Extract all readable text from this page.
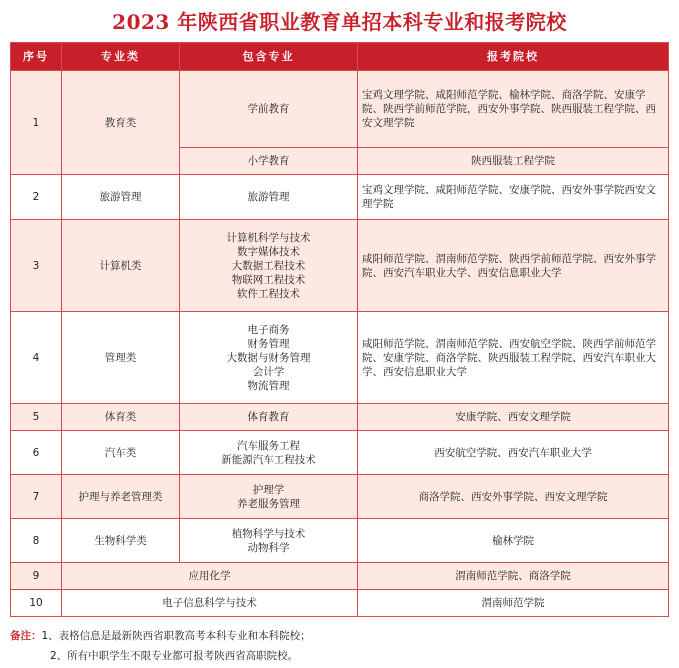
2023 年陕西省职业教育单招本科专业和报考院校
序号	专业类	包含专业	报考院校
1	教育类	学前教育	宝鸡文理学院、咸阳师范学院、榆林学院、商洛学院、安康学院、陕西学前师范学院，西安外事学院、陕西服装工程学院、西安文理学院
		小学教育	陕西服装工程学院
2	旅游管理	旅游管理	宝鸡文理学院、咸阳师范学院、安康学院、西安外事学院西安文理学院
3	计算机类	计算机科学与技术
数字媒体技术
大数据工程技术
物联网工程技术
软件工程技术	咸阳师范学院、渭南师范学院、陕西学前师范学院、西安外事学院、西安汽车职业大学、西安信息职业大学
4	管理类	电子商务
财务管理
大数据与财务管理
会计学
物流管理	咸阳师范学院、渭南师范学院、西安航空学院、陕西学前师范学院、安康学院、商洛学院、陕西服装工程学院、西安汽车职业大学、西安信息职业大学
5	体育类	体育教育	安康学院、西安文理学院
6	汽车类	汽车服务工程
新能源汽车工程技术	西安航空学院、西安汽车职业大学
7	护理与养老管理类	护理学
养老服务管理	商洛学院、西安外事学院、西安文理学院
8	生物科学类	植物科学与技术
动物科学	榆林学院
9	应用化学		渭南师范学院、商洛学院
10	电子信息科学与技术		渭南师范学院
备注：1、表格信息是最新陕西省职教高考本科专业和本科院校；
2、所有中职学生不限专业都可报考陕西省高职院校。
